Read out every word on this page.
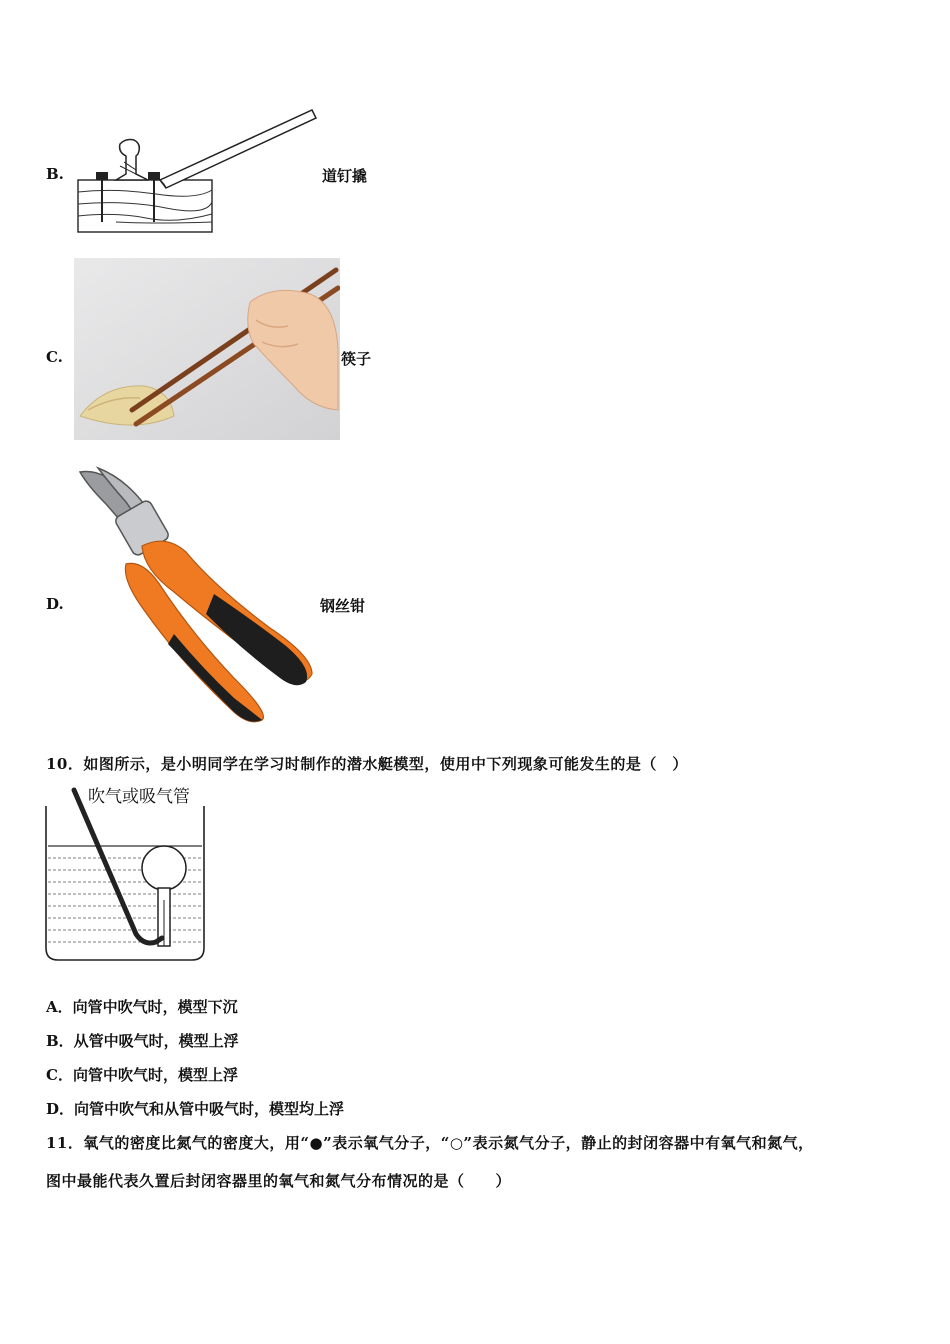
B.	道钉撬
C.	筷子
D.	钢丝钳
10．如图所示，是小明同学在学习时制作的潜水艇模型，使用中下列现象可能发生的是（　）
吹气或吸气管
A．向管中吹气时，模型下沉
B．从管中吸气时，模型上浮
C．向管中吹气时，模型上浮
D．向管中吹气和从管中吸气时，模型均上浮
11．氧气的密度比氮气的密度大，用“●”表示氧气分子，“○”表示氮气分子，静止的封闭容器中有氧气和氮气，
图中最能代表久置后封闭容器里的氧气和氮气分布情况的是（　　）
